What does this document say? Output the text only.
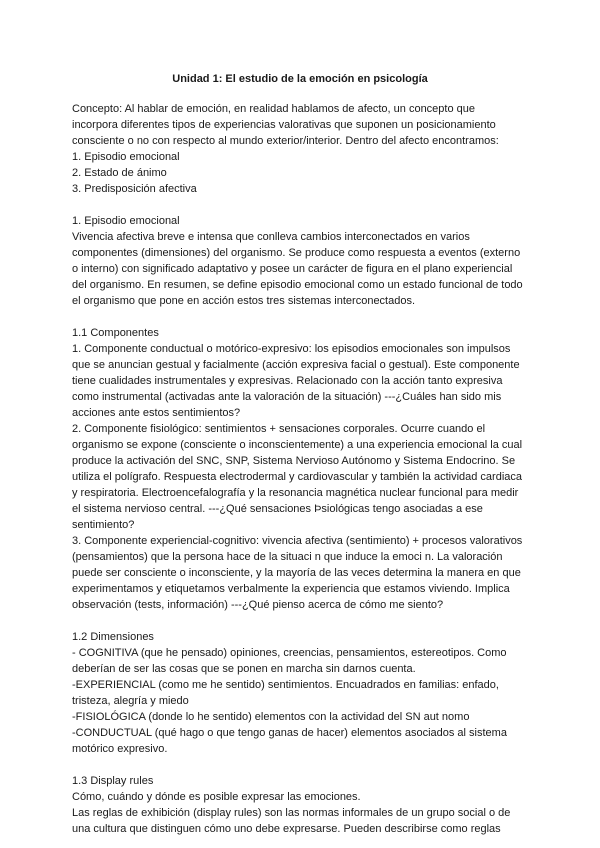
Unidad 1: El estudio de la emoción en psicología

Concepto: Al hablar de emoción, en realidad hablamos de afecto, un concepto que
incorpora diferentes tipos de experiencias valorativas que suponen un posicionamiento
consciente o no con respecto al mundo exterior/interior. Dentro del afecto encontramos:
1. Episodio emocional
2. Estado de ánimo
3. Predisposición afectiva

1. Episodio emocional
Vivencia afectiva breve e intensa que conlleva cambios interconectados en varios
componentes (dimensiones) del organismo. Se produce como respuesta a eventos (externo
o interno) con significado adaptativo y posee un carácter de figura en el plano experiencial
del organismo. En resumen, se define episodio emocional como un estado funcional de todo
el organismo que pone en acción estos tres sistemas interconectados.

1.1 Componentes
1. Componente conductual o motórico-expresivo: los episodios emocionales son impulsos
que se anuncian gestual y facialmente (acción expresiva facial o gestual). Este componente
tiene cualidades instrumentales y expresivas. Relacionado con la acción tanto expresiva
como instrumental (activadas ante la valoración de la situación) ---¿Cuáles han sido mis
acciones ante estos sentimientos?
2. Componente fisiológico: sentimientos + sensaciones corporales. Ocurre cuando el
organismo se expone (consciente o inconscientemente) a una experiencia emocional la cual
produce la activación del SNC, SNP, Sistema Nervioso Autónomo y Sistema Endocrino. Se
utiliza el polígrafo. Respuesta electrodermal y cardiovascular y también la actividad cardiaca
y respiratoria. Electroencefalografía y la resonancia magnética nuclear funcional para medir
el sistema nervioso central. ---¿Qué sensaciones Þsiológicas tengo asociadas a ese
sentimiento?
3. Componente experiencial-cognitivo: vivencia afectiva (sentimiento) + procesos valorativos
(pensamientos) que la persona hace de la situaci n que induce la emoci n. La valoración
puede ser consciente o inconsciente, y la mayoría de las veces determina la manera en que
experimentamos y etiquetamos verbalmente la experiencia que estamos viviendo. Implica
observación (tests, información) ---¿Qué pienso acerca de cómo me siento?

1.2 Dimensiones
- COGNITIVA (que he pensado) opiniones, creencias, pensamientos, estereotipos. Como
deberían de ser las cosas que se ponen en marcha sin darnos cuenta.
-EXPERIENCIAL (como me he sentido) sentimientos. Encuadrados en familias: enfado,
tristeza, alegría y miedo
-FISIOLÓGICA (donde lo he sentido) elementos con la actividad del SN aut nomo
-CONDUCTUAL (qué hago o que tengo ganas de hacer) elementos asociados al sistema
motórico expresivo.

1.3 Display rules
Cómo, cuándo y dónde es posible expresar las emociones.
Las reglas de exhibición (display rules) son las normas informales de un grupo social o de
una cultura que distinguen cómo uno debe expresarse. Pueden describirse como reglas
